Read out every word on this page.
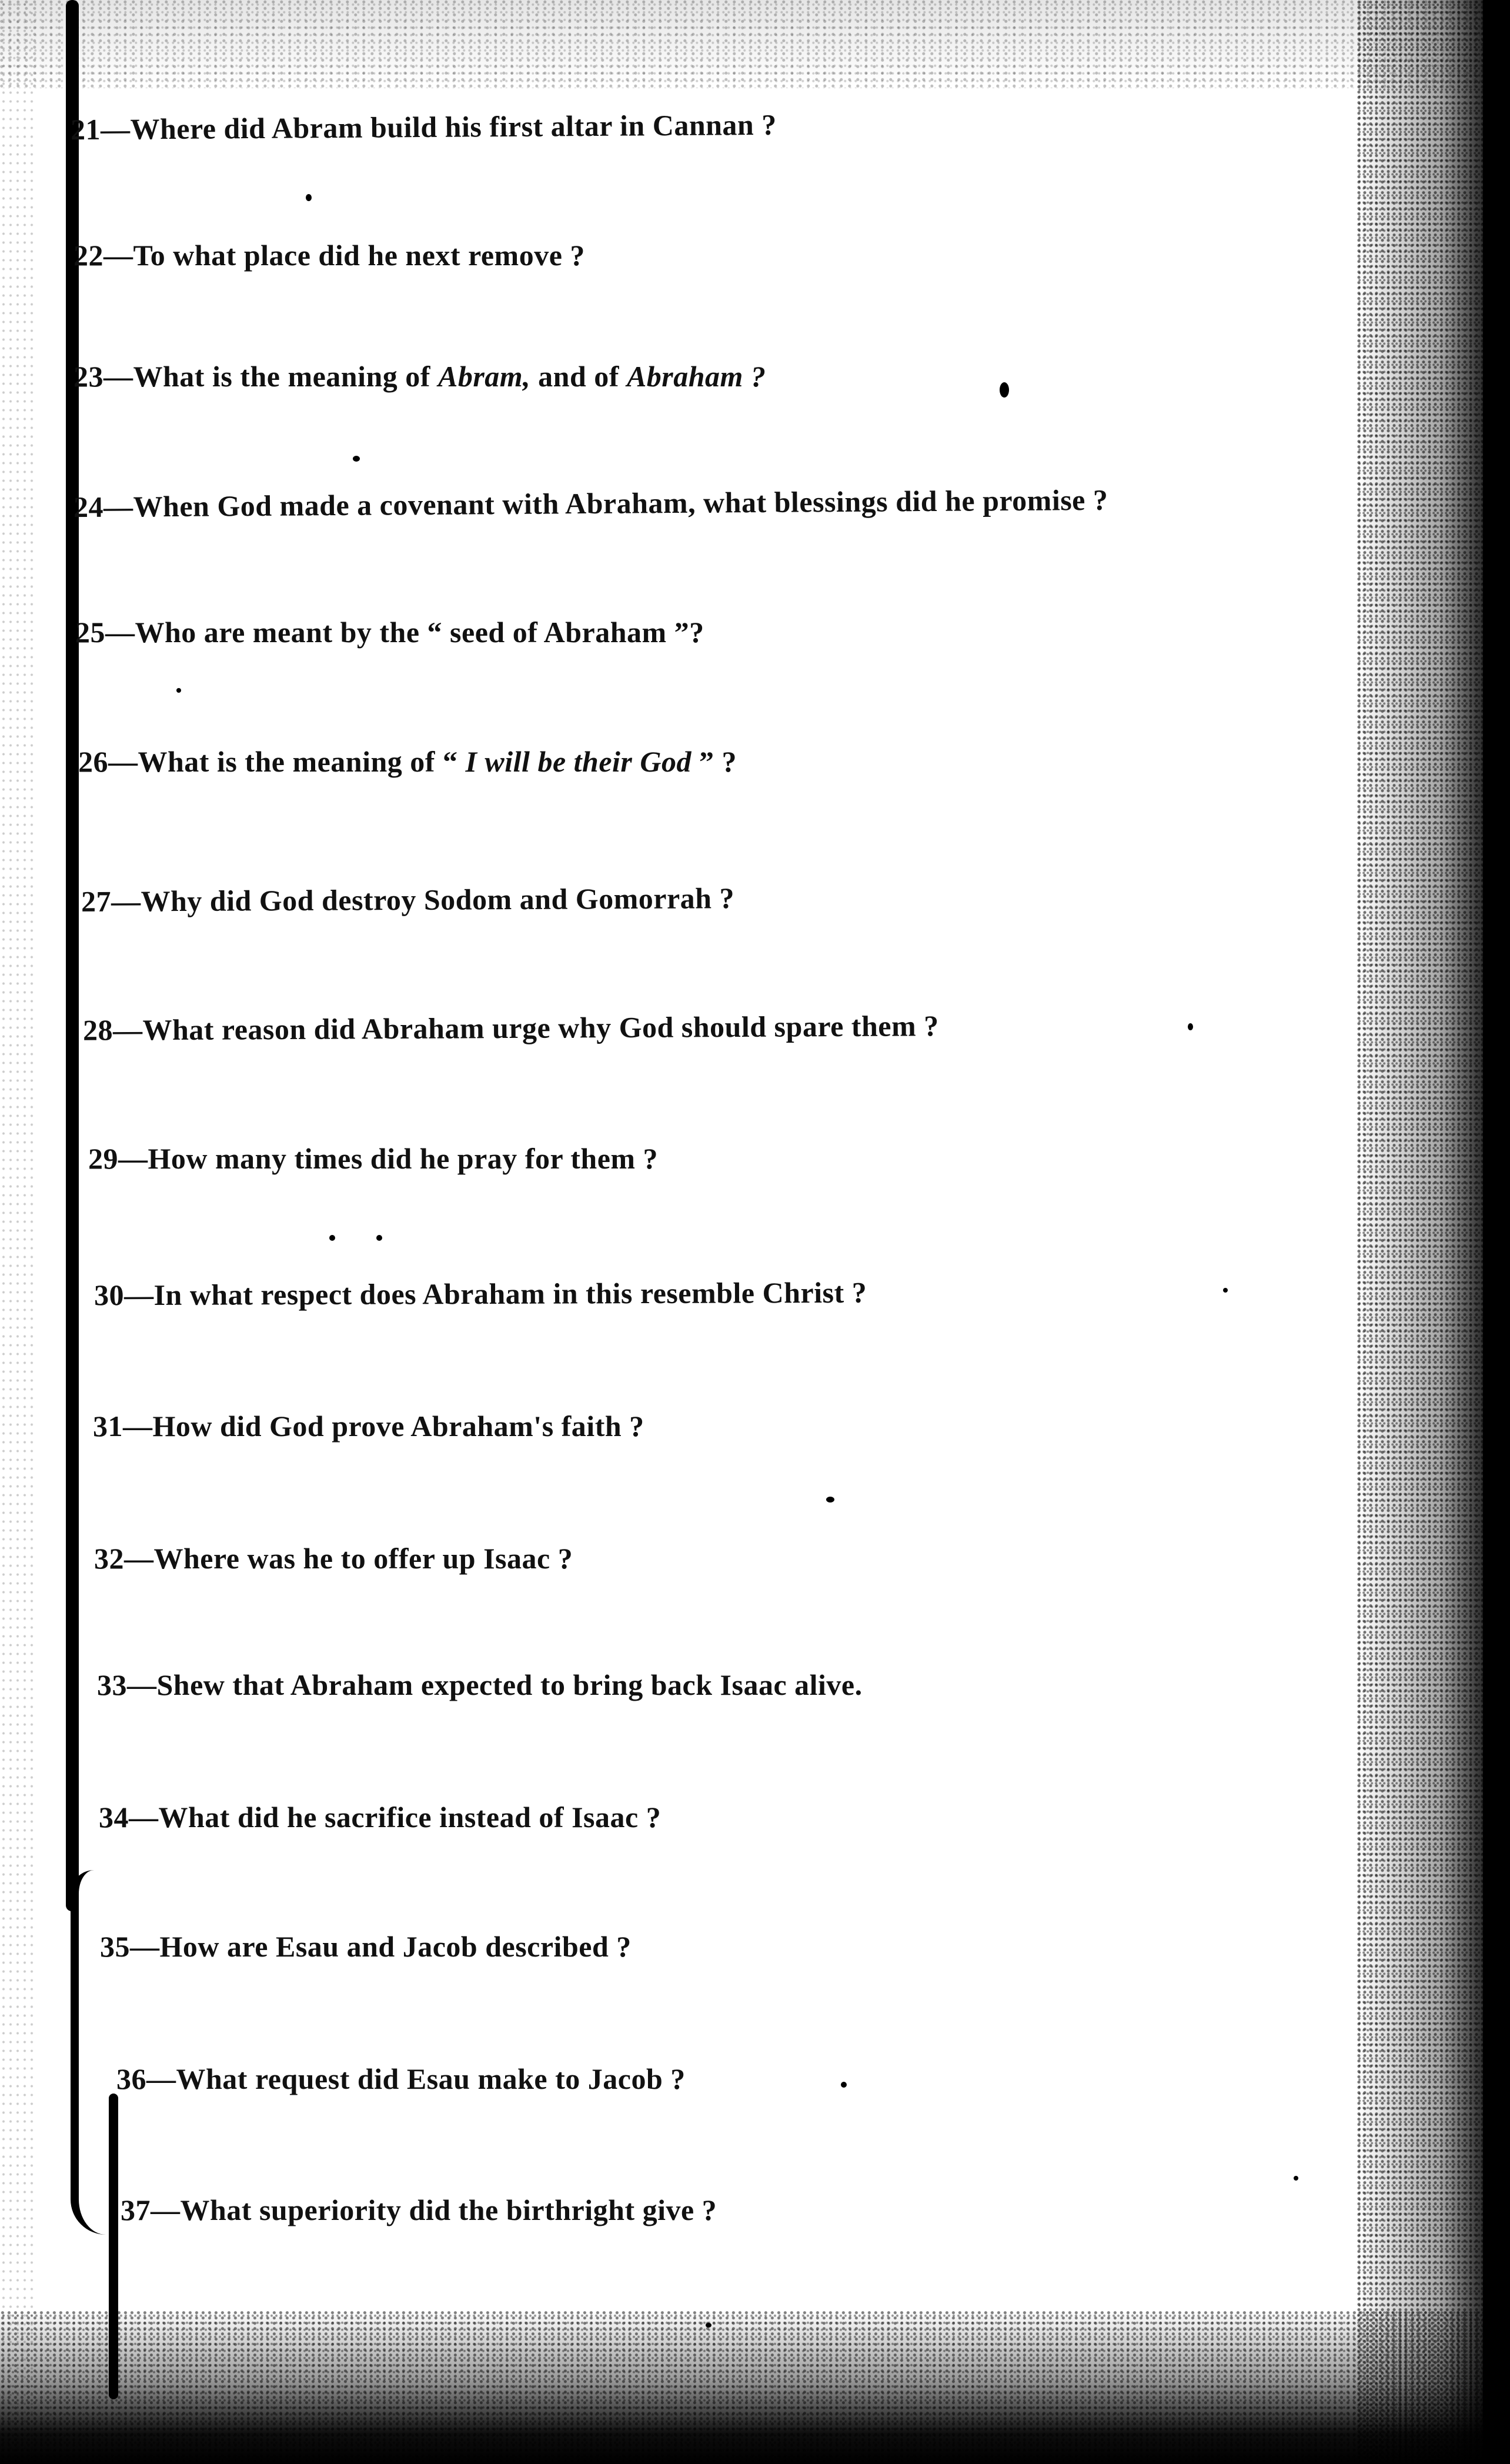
21—Where did Abram build his first altar in Cannan ?
22—To what place did he next remove ?
23—What is the meaning of Abram, and of Abraham ?
24—When God made a covenant with Abraham, what blessings did he promise ?
25—Who are meant by the “ seed of Abraham ”?
26—What is the meaning of “ I will be their God ” ?
27—Why did God destroy Sodom and Gomorrah ?
28—What reason did Abraham urge why God should spare them ?
29—How many times did he pray for them ?
30—In what respect does Abraham in this resemble Christ ?
31—How did God prove Abraham's faith ?
32—Where was he to offer up Isaac ?
33—Shew that Abraham expected to bring back Isaac alive.
34—What did he sacrifice instead of Isaac ?
35—How are Esau and Jacob described ?
36—What request did Esau make to Jacob ?
37—What superiority did the birthright give ?
